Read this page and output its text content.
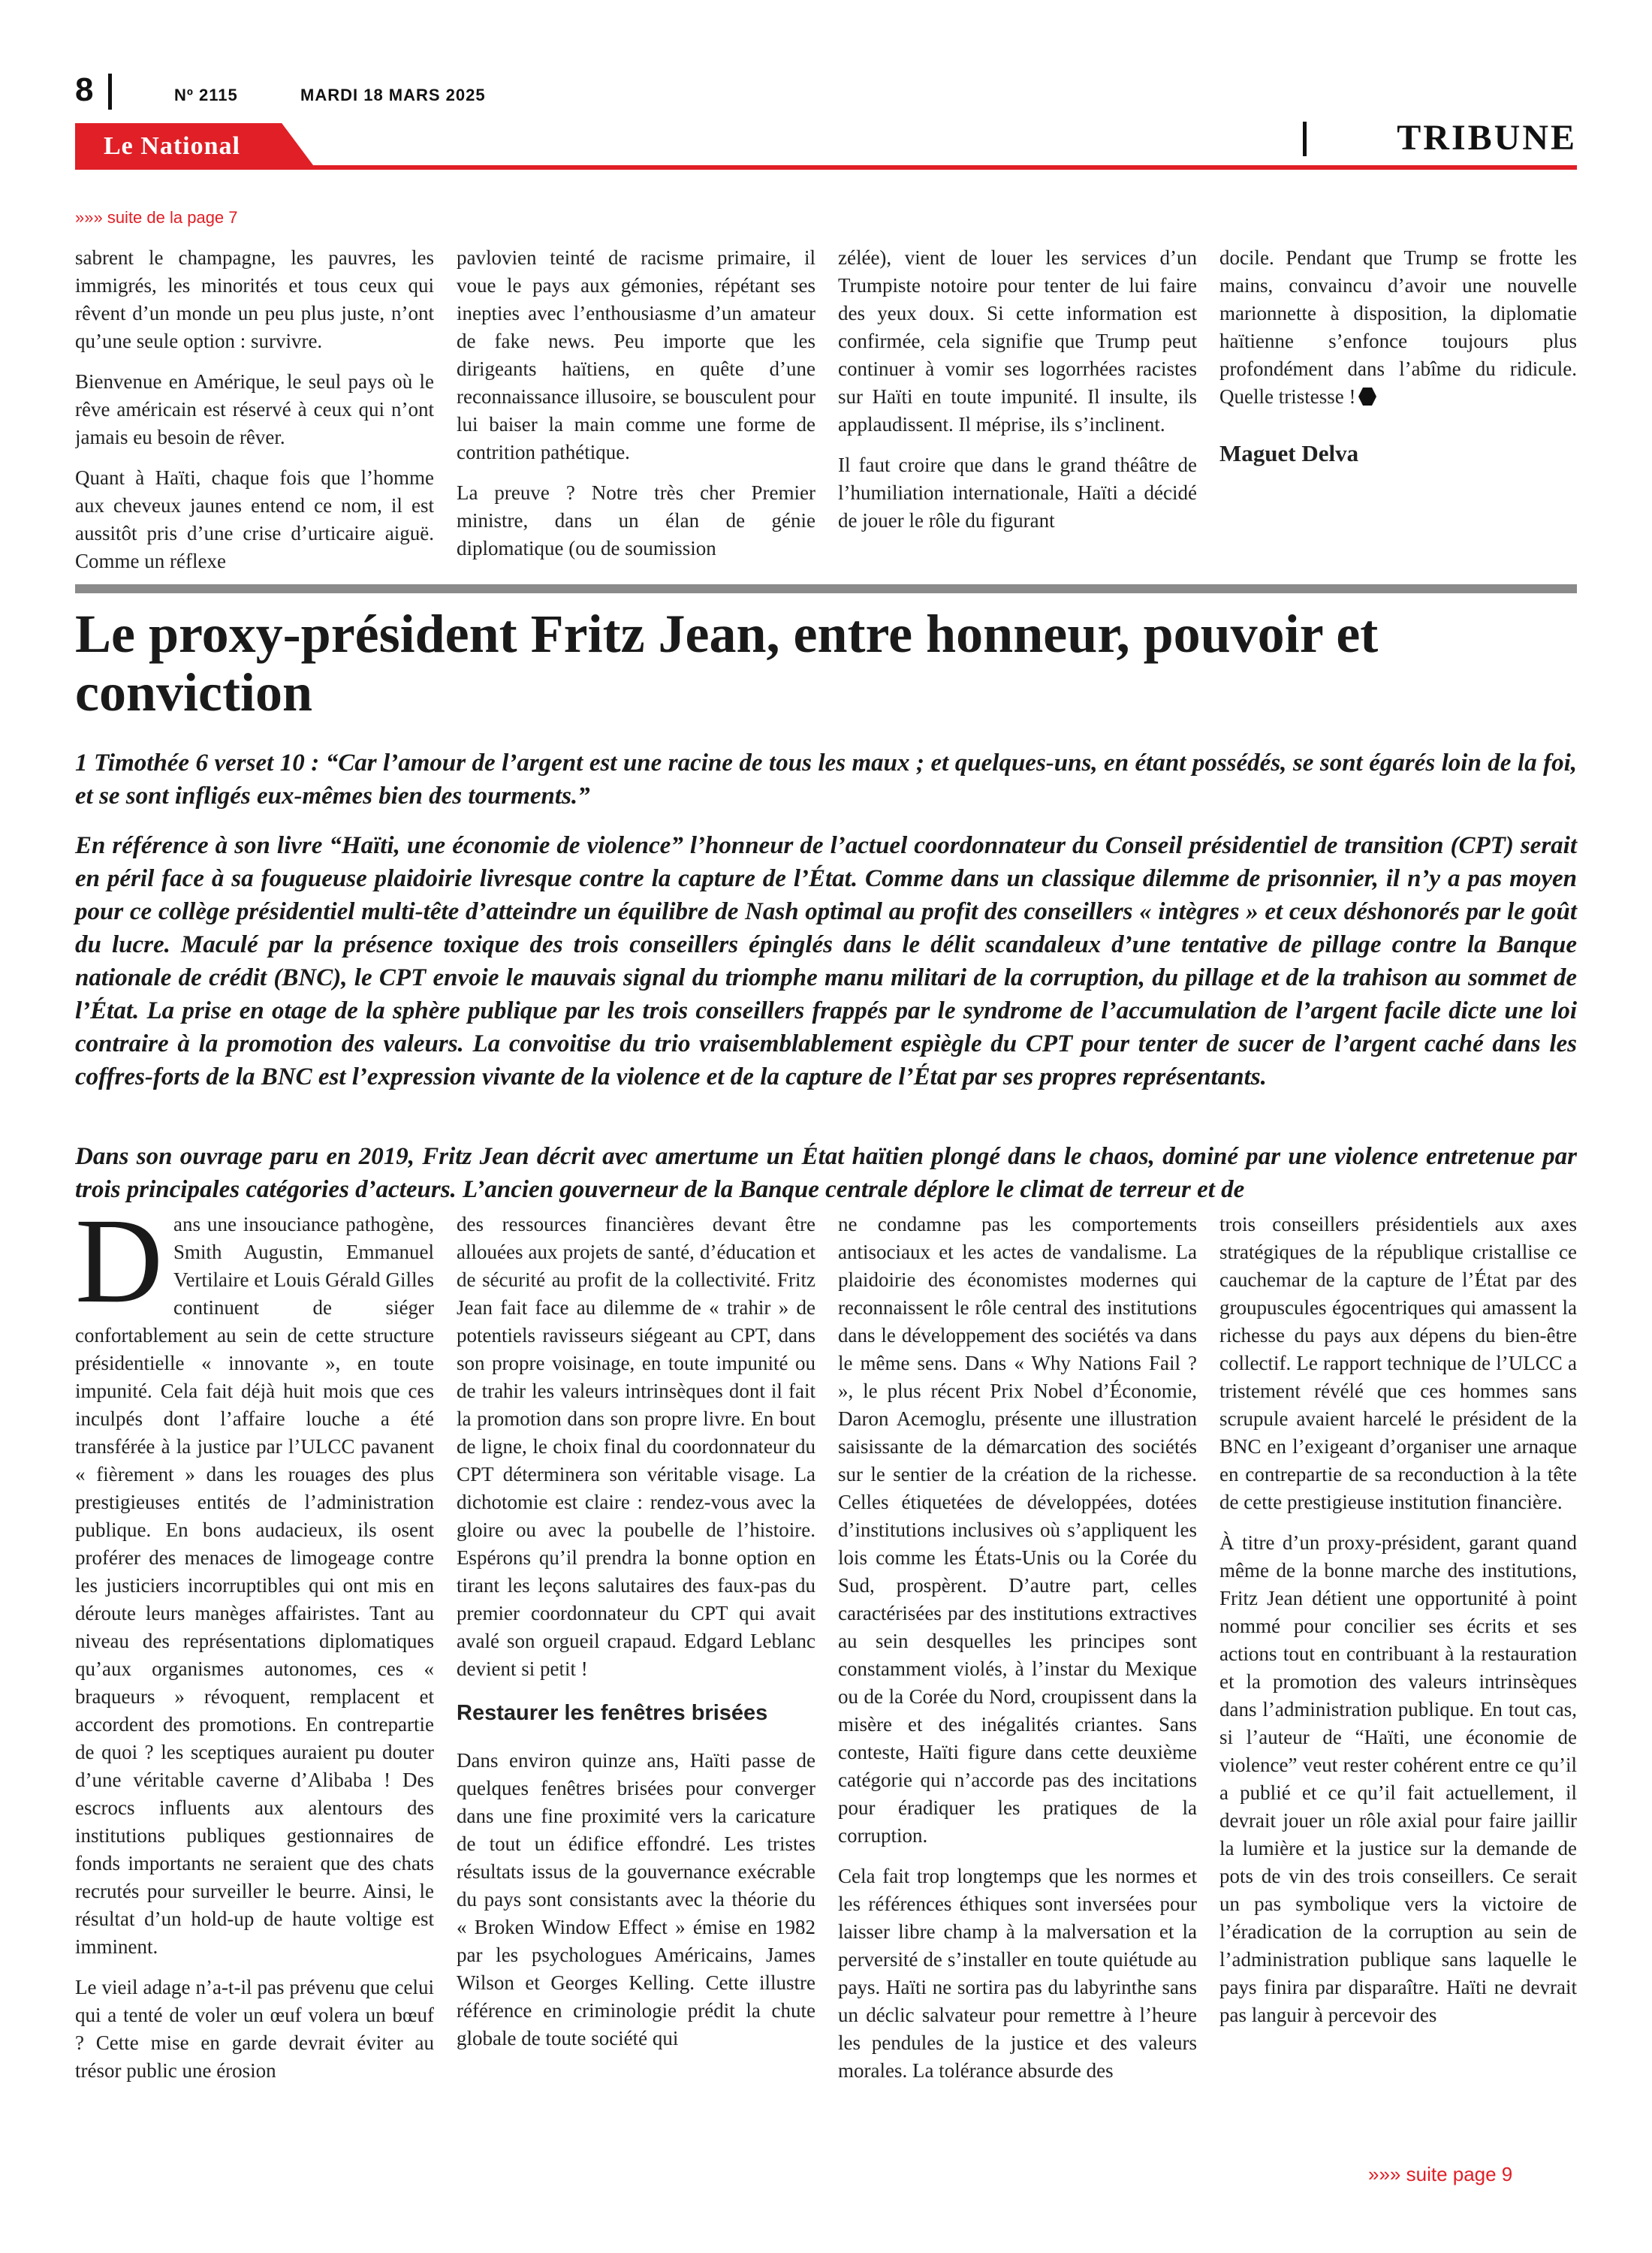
8	Nº 2115	MARDI 18 MARS 2025
Le National	TRIBUNE
»»» suite de la page 7

sabrent le champagne, les pauvres, les immigrés, les minorités et tous ceux qui rêvent d’un monde un peu plus juste, n’ont qu’une seule option : survivre.

Bienvenue en Amérique, le seul pays où le rêve américain est réservé à ceux qui n’ont jamais eu besoin de rêver.

Quant à Haïti, chaque fois que l’homme aux cheveux jaunes entend ce nom, il est aussitôt pris d’une crise d’urticaire aiguë. Comme un réflexe

pavlovien teinté de racisme primaire, il voue le pays aux gémonies, répétant ses inepties avec l’enthousiasme d’un amateur de fake news. Peu importe que les dirigeants haïtiens, en quête d’une reconnaissance illusoire, se bousculent pour lui baiser la main comme une forme de contrition pathétique.

La preuve ? Notre très cher Premier ministre, dans un élan de génie diplomatique (ou de soumission

zélée), vient de louer les services d’un Trumpiste notoire pour tenter de lui faire des yeux doux. Si cette information est confirmée, cela signifie que Trump peut continuer à vomir ses logorrhées racistes sur Haïti en toute impunité. Il insulte, ils applaudissent. Il méprise, ils s’inclinent.

Il faut croire que dans le grand théâtre de l’humiliation internationale, Haïti a décidé de jouer le rôle du figurant

docile. Pendant que Trump se frotte les mains, convaincu d’avoir une nouvelle marionnette à disposition, la diplomatie haïtienne s’enfonce toujours plus profondément dans l’abîme du ridicule. Quelle tristesse !

Maguet Delva

Le proxy-président Fritz Jean, entre honneur, pouvoir et conviction
1 Timothée 6 verset 10 : “Car l’amour de l’argent est une racine de tous les maux ; et quelques-uns, en étant possédés, se sont égarés loin de la foi, et se sont infligés eux-mêmes bien des tourments.”
En référence à son livre “Haïti, une économie de violence” l’honneur de l’actuel coordonnateur du Conseil présidentiel de transition (CPT) serait en péril face à sa fougueuse plaidoirie livresque contre la capture de l’État. Comme dans un classique dilemme de prisonnier, il n’y a pas moyen pour ce collège présidentiel multi-tête d’atteindre un équilibre de Nash optimal au profit des conseillers « intègres » et ceux déshonorés par le goût du lucre. Maculé par la présence toxique des trois conseillers épinglés dans le délit scandaleux d’une tentative de pillage contre la Banque nationale de crédit (BNC), le CPT envoie le mauvais signal du triomphe manu militari de la corruption, du pillage et de la trahison au sommet de l’État. La prise en otage de la sphère publique par les trois conseillers frappés par le syndrome de l’accumulation de l’argent facile dicte une loi contraire à la promotion des valeurs. La convoitise du trio vraisemblablement espiègle du CPT pour tenter de sucer de l’argent caché dans les coffres-forts de la BNC est l’expression vivante de la violence et de la capture de l’État par ses propres représentants.
Dans son ouvrage paru en 2019, Fritz Jean décrit avec amertume un État haïtien plongé dans le chaos, dominé par une violence entretenue par trois principales catégories d’acteurs. L’ancien gouverneur de la Banque centrale déplore le climat de terreur et de

Dans une insouciance pathogène, Smith Augustin, Emmanuel Vertilaire et Louis Gérald Gilles continuent de siéger confortablement au sein de cette structure présidentielle « innovante », en toute impunité. Cela fait déjà huit mois que ces inculpés dont l’affaire louche a été transférée à la justice par l’ULCC pavanent « fièrement » dans les rouages des plus prestigieuses entités de l’administration publique. En bons audacieux, ils osent proférer des menaces de limogeage contre les justiciers incorruptibles qui ont mis en déroute leurs manèges affairistes. Tant au niveau des représentations diplomatiques qu’aux organismes autonomes, ces « braqueurs » révoquent, remplacent et accordent des promotions. En contrepartie de quoi ? les sceptiques auraient pu douter d’une véritable caverne d’Alibaba ! Des escrocs influents aux alentours des institutions publiques gestionnaires de fonds importants ne seraient que des chats recrutés pour surveiller le beurre. Ainsi, le résultat d’un hold-up de haute voltige est imminent.

Le vieil adage n’a-t-il pas prévenu que celui qui a tenté de voler un œuf volera un bœuf ? Cette mise en garde devrait éviter au trésor public une érosion

des ressources financières devant être allouées aux projets de santé, d’éducation et de sécurité au profit de la collectivité. Fritz Jean fait face au dilemme de « trahir » de potentiels ravisseurs siégeant au CPT, dans son propre voisinage, en toute impunité ou de trahir les valeurs intrinsèques dont il fait la promotion dans son propre livre. En bout de ligne, le choix final du coordonnateur du CPT déterminera son véritable visage. La dichotomie est claire : rendez-vous avec la gloire ou avec la poubelle de l’histoire. Espérons qu’il prendra la bonne option en tirant les leçons salutaires des faux-pas du premier coordonnateur du CPT qui avait avalé son orgueil crapaud. Edgard Leblanc devient si petit !

Restaurer les fenêtres brisées

Dans environ quinze ans, Haïti passe de quelques fenêtres brisées pour converger dans une fine proximité vers la caricature de tout un édifice effondré. Les tristes résultats issus de la gouvernance exécrable du pays sont consistants avec la théorie du « Broken Window Effect » émise en 1982 par les psychologues Américains, James Wilson et Georges Kelling. Cette illustre référence en criminologie prédit la chute globale de toute société qui

ne condamne pas les comportements antisociaux et les actes de vandalisme. La plaidoirie des économistes modernes qui reconnaissent le rôle central des institutions dans le développement des sociétés va dans le même sens. Dans « Why Nations Fail ? », le plus récent Prix Nobel d’Économie, Daron Acemoglu, présente une illustration saisissante de la démarcation des sociétés sur le sentier de la création de la richesse. Celles étiquetées de développées, dotées d’institutions inclusives où s’appliquent les lois comme les États-Unis ou la Corée du Sud, prospèrent. D’autre part, celles caractérisées par des institutions extractives au sein desquelles les principes sont constamment violés, à l’instar du Mexique ou de la Corée du Nord, croupissent dans la misère et des inégalités criantes. Sans conteste, Haïti figure dans cette deuxième catégorie qui n’accorde pas des incitations pour éradiquer les pratiques de la corruption.

Cela fait trop longtemps que les normes et les références éthiques sont inversées pour laisser libre champ à la malversation et la perversité de s’installer en toute quiétude au pays. Haïti ne sortira pas du labyrinthe sans un déclic salvateur pour remettre à l’heure les pendules de la justice et des valeurs morales. La tolérance absurde des

trois conseillers présidentiels aux axes stratégiques de la république cristallise ce cauchemar de la capture de l’État par des groupuscules égocentriques qui amassent la richesse du pays aux dépens du bien-être collectif. Le rapport technique de l’ULCC a tristement révélé que ces hommes sans scrupule avaient harcelé le président de la BNC en l’exigeant d’organiser une arnaque en contrepartie de sa reconduction à la tête de cette prestigieuse institution financière.

À titre d’un proxy-président, garant quand même de la bonne marche des institutions, Fritz Jean détient une opportunité à point nommé pour concilier ses écrits et ses actions tout en contribuant à la restauration et la promotion des valeurs intrinsèques dans l’administration publique. En tout cas, si l’auteur de “Haïti, une économie de violence” veut rester cohérent entre ce qu’il a publié et ce qu’il fait actuellement, il devrait jouer un rôle axial pour faire jaillir la lumière et la justice sur la demande de pots de vin des trois conseillers. Ce serait un pas symbolique vers la victoire de l’éradication de la corruption au sein de l’administration publique sans laquelle le pays finira par disparaître. Haïti ne devrait pas languir à percevoir des

»»» suite page 9
